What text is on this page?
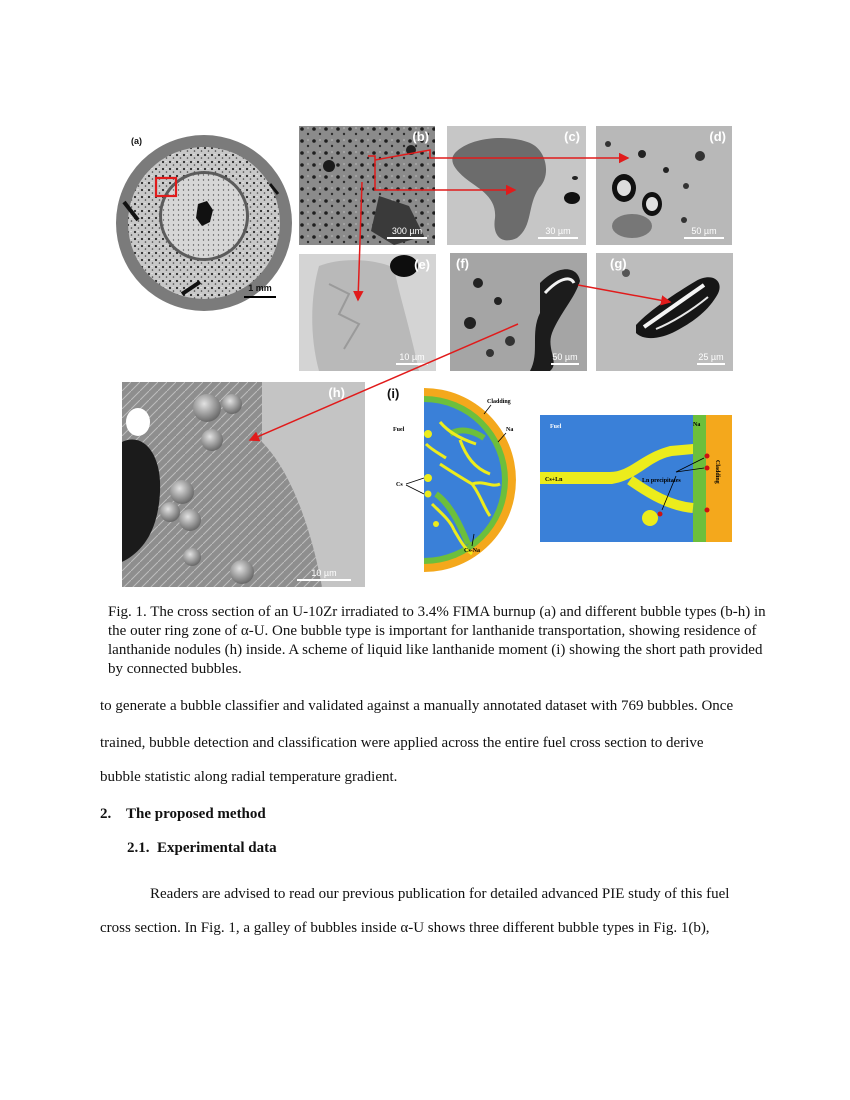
(a)
1 mm
(b)
300 µm
(c)
30 µm
(d)
50 µm
(e)
10 µm
(f)
50 µm
(g)
25 µm
(h)
10 µm
(i)
Cladding
Fuel	Na
Cs
Cs-Na
Fuel	Na
Cs+Ln	Ln precipitates	Cladding
Fig. 1. The cross section of an U-10Zr irradiated to 3.4% FIMA burnup (a) and different bubble types (b-h) in the outer ring zone of α-U. One bubble type is important for lanthanide transportation, showing residence of lanthanide nodules (h) inside. A scheme of liquid like lanthanide moment (i) showing the short path provided by connected bubbles.
to generate a bubble classifier and validated against a manually annotated dataset with 769 bubbles. Once
trained, bubble detection and classification were applied across the entire fuel cross section to derive
bubble statistic along radial temperature gradient.
2. The proposed method
2.1. Experimental data
Readers are advised to read our previous publication for detailed advanced PIE study of this fuel
cross section. In Fig. 1, a galley of bubbles inside α-U shows three different bubble types in Fig. 1(b),
